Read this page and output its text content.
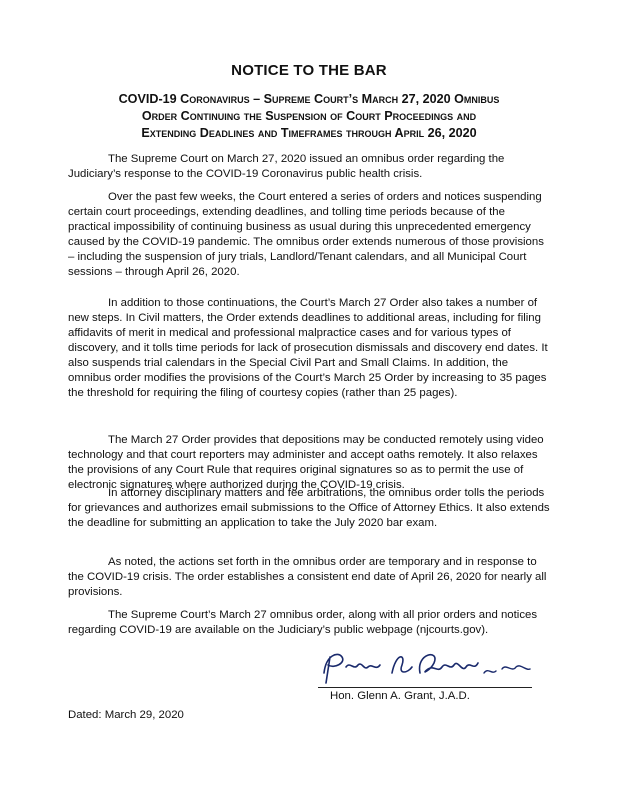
NOTICE TO THE BAR
COVID-19 Coronavirus – Supreme Court’s March 27, 2020 Omnibus
Order Continuing the Suspension of Court Proceedings and
Extending Deadlines and Timeframes through April 26, 2020

The Supreme Court on March 27, 2020 issued an omnibus order regarding the Judiciary’s response to the COVID-19 Coronavirus public health crisis.

Over the past few weeks, the Court entered a series of orders and notices suspending certain court proceedings, extending deadlines, and tolling time periods because of the practical impossibility of continuing business as usual during this unprecedented emergency caused by the COVID-19 pandemic. The omnibus order extends numerous of those provisions – including the suspension of jury trials, Landlord/Tenant calendars, and all Municipal Court sessions – through April 26, 2020.

In addition to those continuations, the Court’s March 27 Order also takes a number of new steps. In Civil matters, the Order extends deadlines to additional areas, including for filing affidavits of merit in medical and professional malpractice cases and for various types of discovery, and it tolls time periods for lack of prosecution dismissals and discovery end dates. It also suspends trial calendars in the Special Civil Part and Small Claims. In addition, the omnibus order modifies the provisions of the Court’s March 25 Order by increasing to 35 pages the threshold for requiring the filing of courtesy copies (rather than 25 pages).

The March 27 Order provides that depositions may be conducted remotely using video technology and that court reporters may administer and accept oaths remotely. It also relaxes the provisions of any Court Rule that requires original signatures so as to permit the use of electronic signatures where authorized during the COVID-19 crisis.

In attorney disciplinary matters and fee arbitrations, the omnibus order tolls the periods for grievances and authorizes email submissions to the Office of Attorney Ethics. It also extends the deadline for submitting an application to take the July 2020 bar exam.

As noted, the actions set forth in the omnibus order are temporary and in response to the COVID-19 crisis. The order establishes a consistent end date of April 26, 2020 for nearly all provisions.

The Supreme Court’s March 27 omnibus order, along with all prior orders and notices regarding COVID-19 are available on the Judiciary’s public webpage (njcourts.gov).

Hon. Glenn A. Grant, J.A.D.
Dated: March 29, 2020
